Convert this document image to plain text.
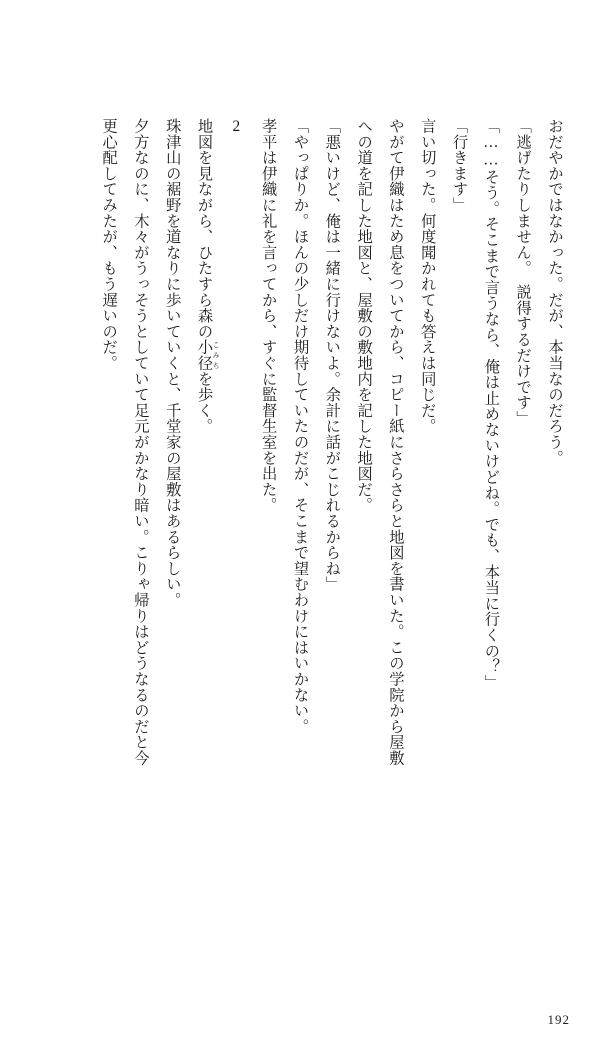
おだやかではなかった。だが、本当なのだろう。

「逃げたりしません。　説得するだけです」

「……そう。そこまで言うなら、俺は止めないけどね。でも、本当に行くの？」

「行きます」

言い切った。何度聞かれても答えは同じだ。

やがて伊織はため息をついてから、コピー紙にさらさらと地図を書いた。この学院から屋敷

への道を記した地図と、屋敷の敷地内を記した地図だ。

「悪いけど、俺は一緒に行けないよ。余計に話がこじれるからね」

「やっぱりか。ほんの少しだけ期待していたのだが、そこまで望むわけにはいかない。

孝平は伊織に礼を言ってから、すぐに監督生室を出た。

2

地図を見ながら、ひたすら森の小径 こみちを歩く。

珠津山の裾野を道なりに歩いていくと、千堂家の屋敷はあるらしい。

夕方なのに、木々がうっそうとしていて足元がかなり暗い。こりゃ帰りはどうなるのだと今

更心配してみたが、もう遅いのだ。

192
